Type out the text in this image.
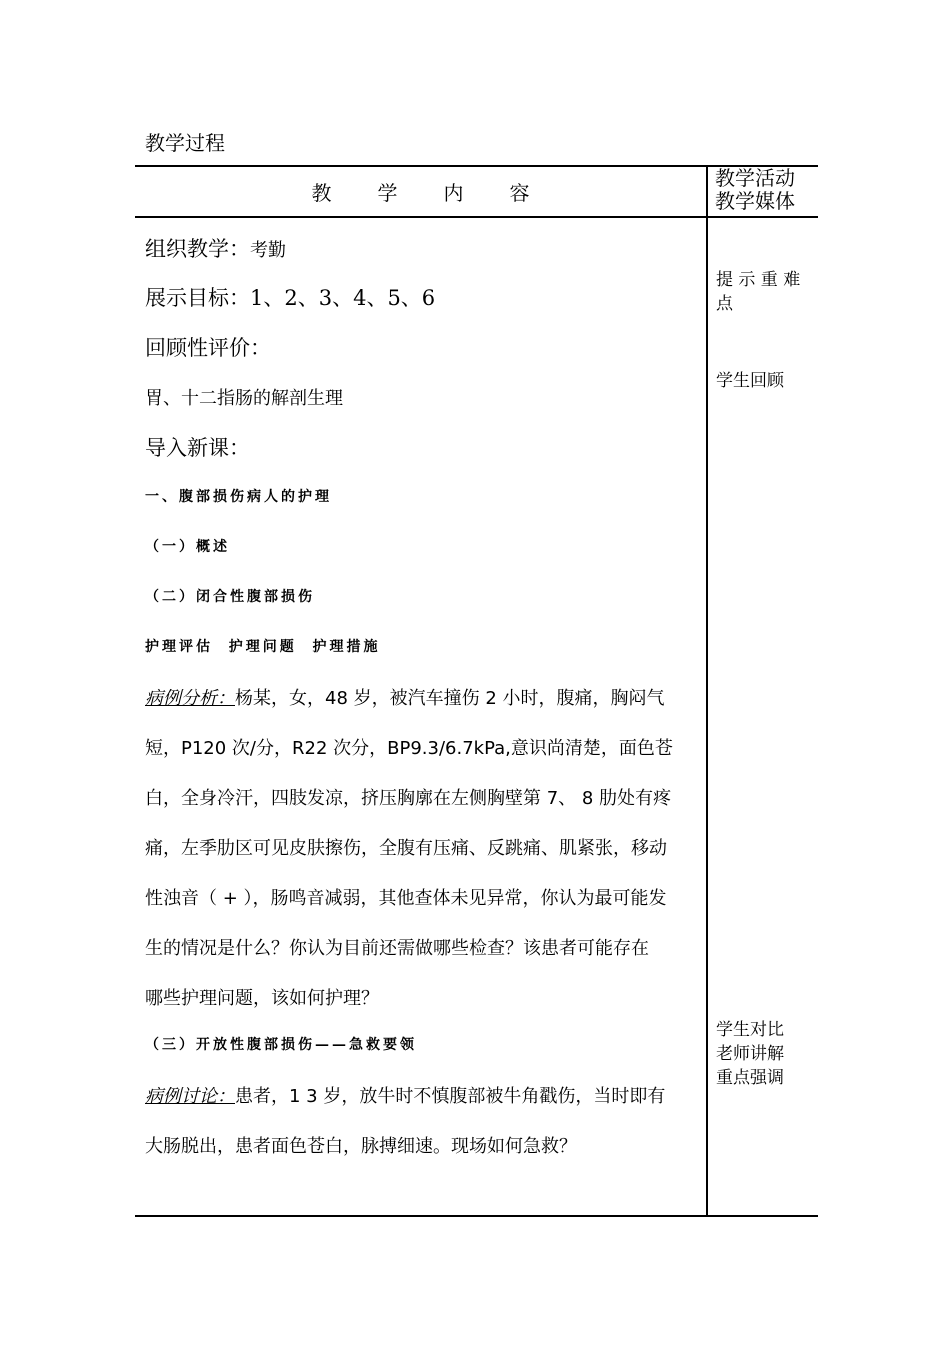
教学过程
教学内容
教学活动
教学媒体
组织教学：考勤
展示目标：1、2、3、4、5、6
回顾性评价：
胃、十二指肠的解剖生理
导入新课：
一、腹部损伤病人的护理
（一）概述
（二）闭合性腹部损伤
护理评估  护理问题  护理措施
病例分析：杨某，女，48 岁，被汽车撞伤 2 小时，腹痛，胸闷气
短，P120 次/分，R22 次分，BP9.3/6.7kPa,意识尚清楚，面色苍
白，全身冷汗，四肢发凉，挤压胸廓在左侧胸壁第 7、 8 肋处有疼
痛，左季肋区可见皮肤擦伤，全腹有压痛、反跳痛、肌紧张，移动
性浊音（ + ），肠鸣音减弱，其他查体未见异常，你认为最可能发
生的情况是什么？你认为目前还需做哪些检查？该患者可能存在
哪些护理问题，该如何护理？
（三）开放性腹部损伤——急救要领
病例讨论：患者，1 3 岁，放牛时不慎腹部被牛角戳伤，当时即有
大肠脱出，患者面色苍白，脉搏细速。现场如何急救？
提 示 重 难
点
学生回顾
学生对比
老师讲解
重点强调
